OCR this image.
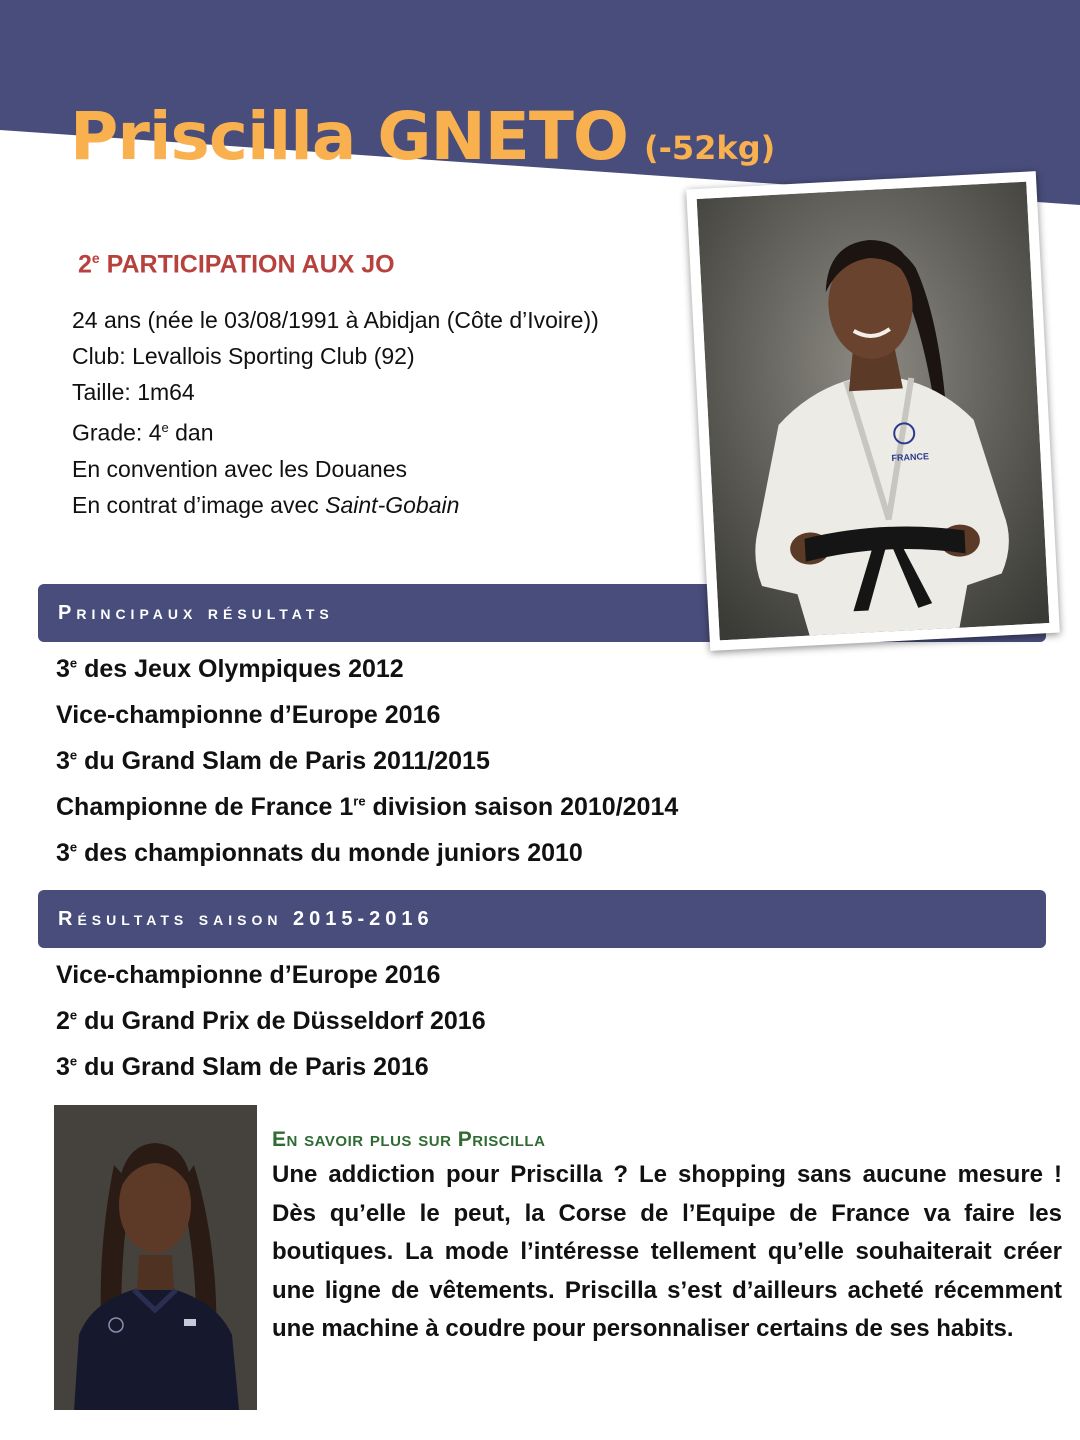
Priscilla GNETO (-52kg)
2e PARTICIPATION AUX JO
24 ans (née le 03/08/1991 à Abidjan (Côte d’Ivoire))
Club: Levallois Sporting Club (92)
Taille: 1m64
Grade: 4e dan
En convention avec les Douanes
En contrat d’image avec Saint-Gobain
Principaux résultats
3e des Jeux Olympiques 2012
Vice-championne d’Europe 2016
3e du Grand Slam de Paris 2011/2015
Championne de France 1re division saison 2010/2014
3e des championnats du monde juniors 2010
Résultats saison 2015-2016
Vice-championne d’Europe 2016
2e du Grand Prix de Düsseldorf 2016
3e du Grand Slam de Paris 2016
FRANCE
En savoir plus sur Priscilla

Une addiction pour Priscilla ? Le shopping sans aucune mesure ! Dès qu’elle le peut, la Corse de l’Equipe de France va faire les boutiques. La mode l’intéresse tellement qu’elle souhaiterait créer une ligne de vêtements. Priscilla s’est d’ailleurs acheté récemment une machine à coudre pour personnaliser certains de ses habits.
